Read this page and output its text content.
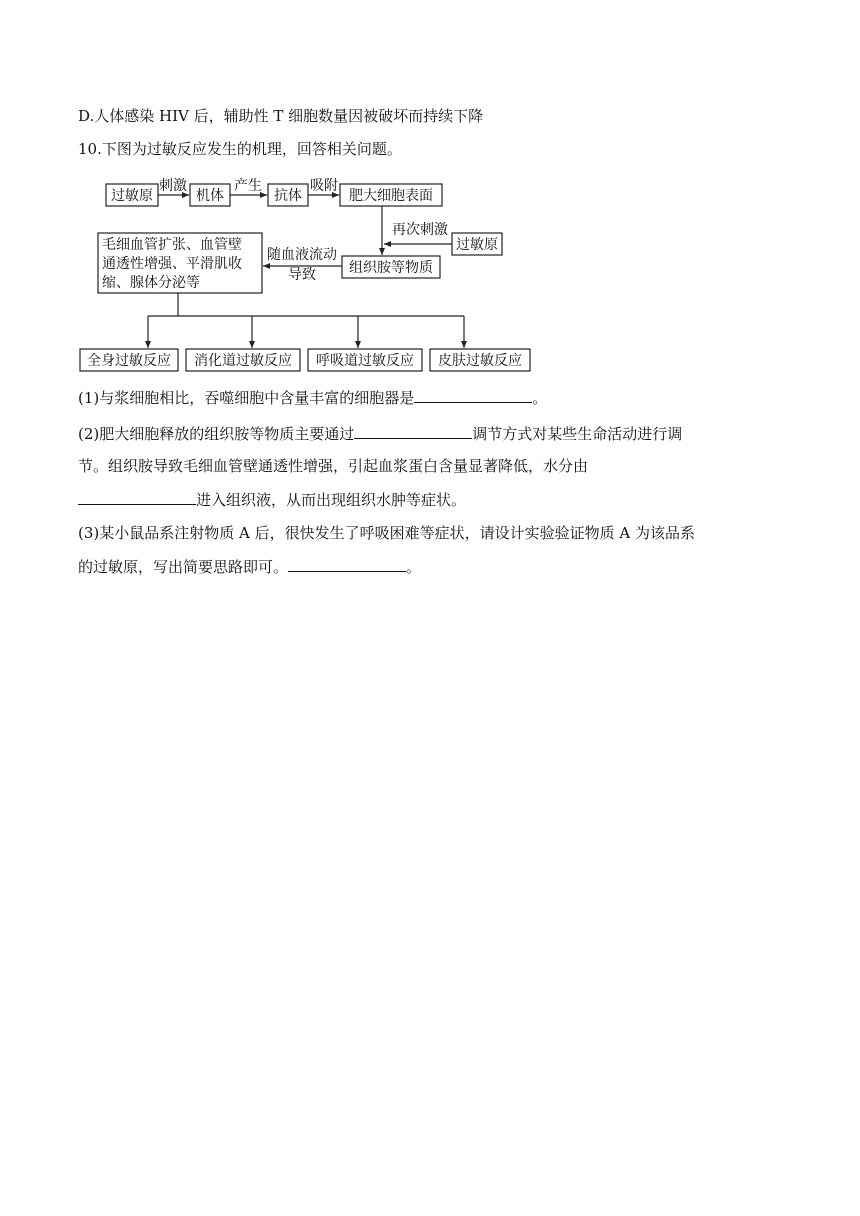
D.人体感染 HIV 后，辅助性 T 细胞数量因被破坏而持续下降
10.下图为过敏反应发生的机理，回答相关问题。
过敏原	机体	抗体	肥大细胞表面
过敏原
组织胺等物质
刺激	产生	吸附
再次刺激
随血液流动
导致
全身过敏反应 消化道过敏反应 呼吸道过敏反应 皮肤过敏反应
毛细血管扩张、血管壁
通透性增强、平滑肌收
缩、腺体分泌等
(1)与浆细胞相比，吞噬细胞中含量丰富的细胞器是	。
(2)肥大细胞释放的组织胺等物质主要通过	调节方式对某些生命活动进行调
节。组织胺导致毛细血管壁通透性增强，引起血浆蛋白含量显著降低，水分由
进入组织液，从而出现组织水肿等症状。
(3)某小鼠品系注射物质 A 后，很快发生了呼吸困难等症状，请设计实验验证物质 A 为该品系
的过敏原，写出简要思路即可。	。
